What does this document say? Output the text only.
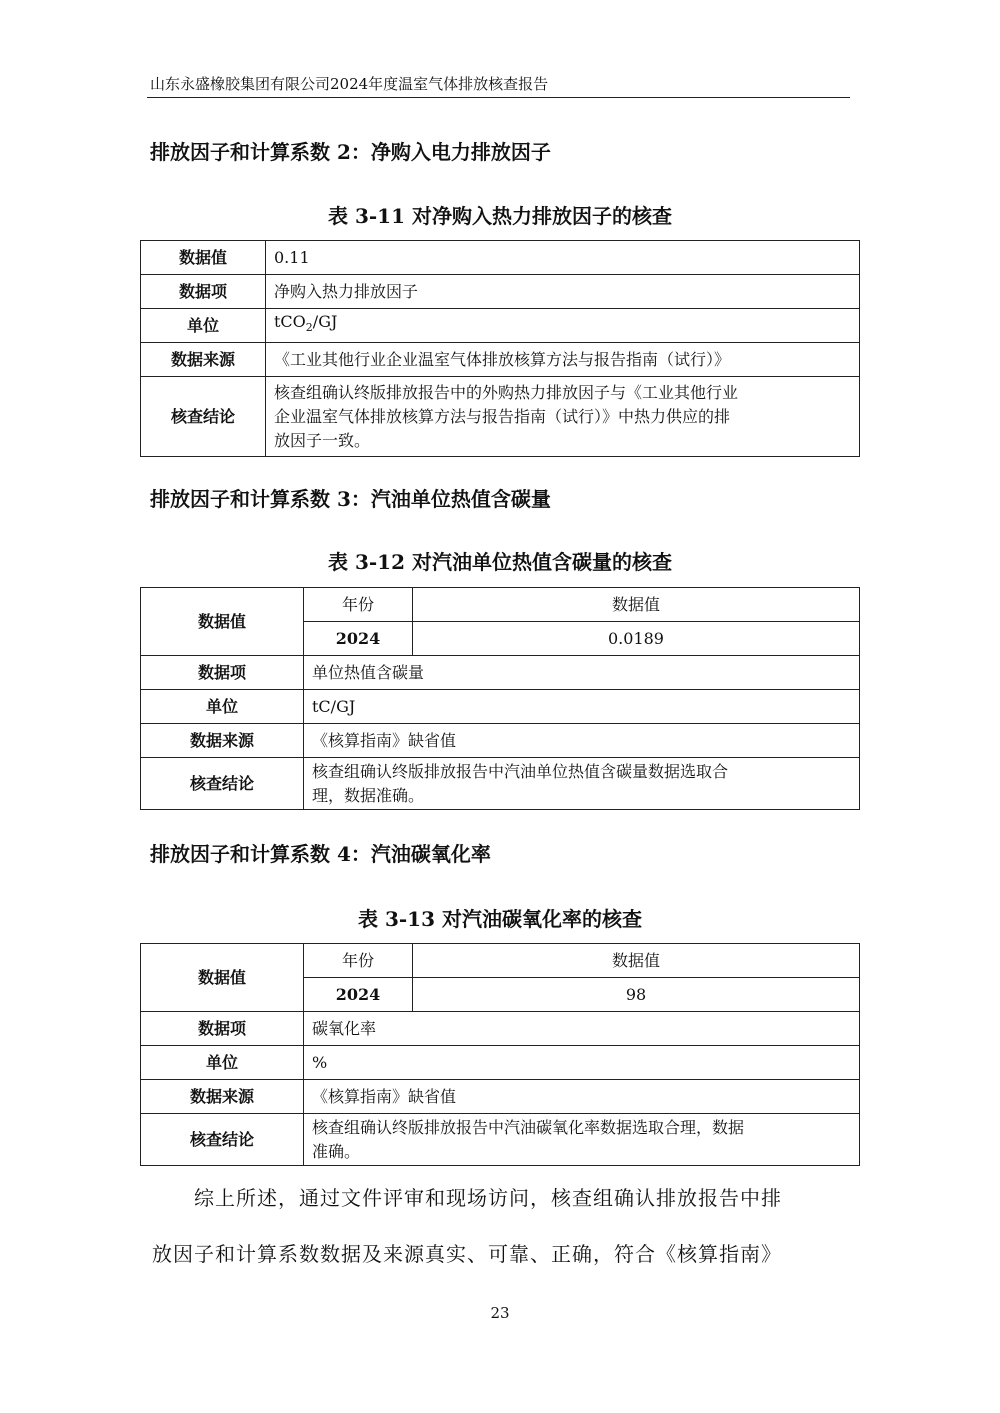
山东永盛橡胶集团有限公司2024年度温室气体排放核查报告
排放因子和计算系数 2：净购入电力排放因子
表 3-11 对净购入热力排放因子的核查
数据值	0.11
数据项	净购入热力排放因子
单位	tCO$_2$/GJ
数据来源	《工业其他行业企业温室气体排放核算方法与报告指南（试行）》
核查结论	核查组确认终版排放报告中的外购热力排放因子与《工业其他行业
企业温室气体排放核算方法与报告指南（试行）》中热力供应的排
放因子一致。
排放因子和计算系数 3：汽油单位热值含碳量
表 3-12 对汽油单位热值含碳量的核查
数据值	年份	数据值
	2024	0.0189
数据项	单位热值含碳量	
单位	tC/GJ	
数据来源	《核算指南》缺省值	
核查结论	核查组确认终版排放报告中汽油单位热值含碳量数据选取合
理，数据准确。	
排放因子和计算系数 4：汽油碳氧化率
表 3-13 对汽油碳氧化率的核查
数据值	年份	数据值
	2024	98
数据项	碳氧化率	
单位	%	
数据来源	《核算指南》缺省值	
核查结论	核查组确认终版排放报告中汽油碳氧化率数据选取合理，数据
准确。	
　　综上所述，通过文件评审和现场访问，核查组确认排放报告中排
放因子和计算系数数据及来源真实、可靠、正确，符合《核算指南》
23
